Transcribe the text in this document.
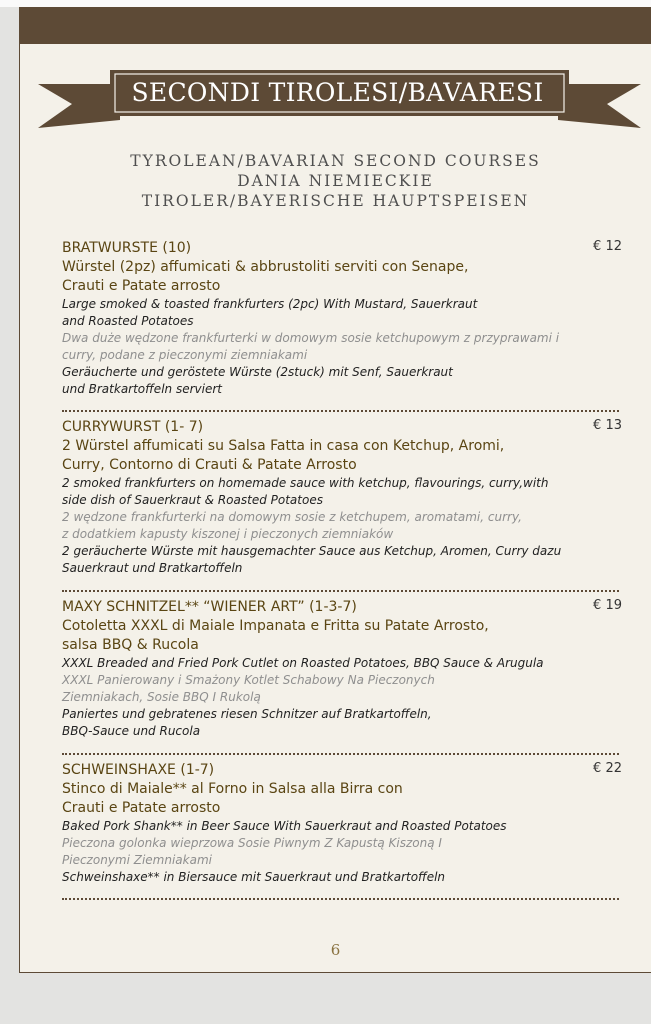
SECONDI TIROLESI/BAVARESI
TYROLEAN/BAVARIAN SECOND COURSES
DANIA NIEMIECKIE
TIROLER/BAYERISCHE HAUPTSPEISEN
BRATWURSTE (10)	€ 12
Würstel (2pz) affumicati & abbrustoliti serviti con Senape,
Crauti e Patate arrosto
Large smoked & toasted frankfurters (2pc) With Mustard, Sauerkraut
and Roasted Potatoes
Dwa duże wędzone frankfurterki w domowym sosie ketchupowym z przyprawami i
curry, podane z pieczonymi ziemniakami
Geräucherte und geröstete Würste (2stuck) mit Senf, Sauerkraut
und Bratkartoffeln serviert
CURRYWURST (1- 7)	€ 13
2 Würstel affumicati su Salsa Fatta in casa con Ketchup, Aromi,
Curry, Contorno di Crauti & Patate Arrosto
2 smoked frankfurters on homemade sauce with ketchup, flavourings, curry,with
side dish of Sauerkraut & Roasted Potatoes
2 wędzone frankfurterki na domowym sosie z ketchupem, aromatami, curry,
z dodatkiem kapusty kiszonej i pieczonych ziemniaków
2 geräucherte Würste mit hausgemachter Sauce aus Ketchup, Aromen, Curry dazu
Sauerkraut und Bratkartoffeln
MAXY SCHNITZEL** “WIENER ART” (1-3-7)	€ 19
Cotoletta XXXL di Maiale Impanata e Fritta su Patate Arrosto,
salsa BBQ & Rucola
XXXL Breaded and Fried Pork Cutlet on Roasted Potatoes, BBQ Sauce & Arugula
XXXL Panierowany i Smażony Kotlet Schabowy Na Pieczonych
Ziemniakach, Sosie BBQ I Rukolą
Paniertes und gebratenes riesen Schnitzer auf Bratkartoffeln,
BBQ-Sauce und Rucola
SCHWEINSHAXE (1-7)	€ 22
Stinco di Maiale** al Forno in Salsa alla Birra con
Crauti e Patate arrosto
Baked Pork Shank** in Beer Sauce With Sauerkraut and Roasted Potatoes
Pieczona golonka wieprzowa Sosie Piwnym Z Kapustą Kiszoną I
Pieczonymi Ziemniakami
Schweinshaxe** in Biersauce mit Sauerkraut und Bratkartoffeln
6
